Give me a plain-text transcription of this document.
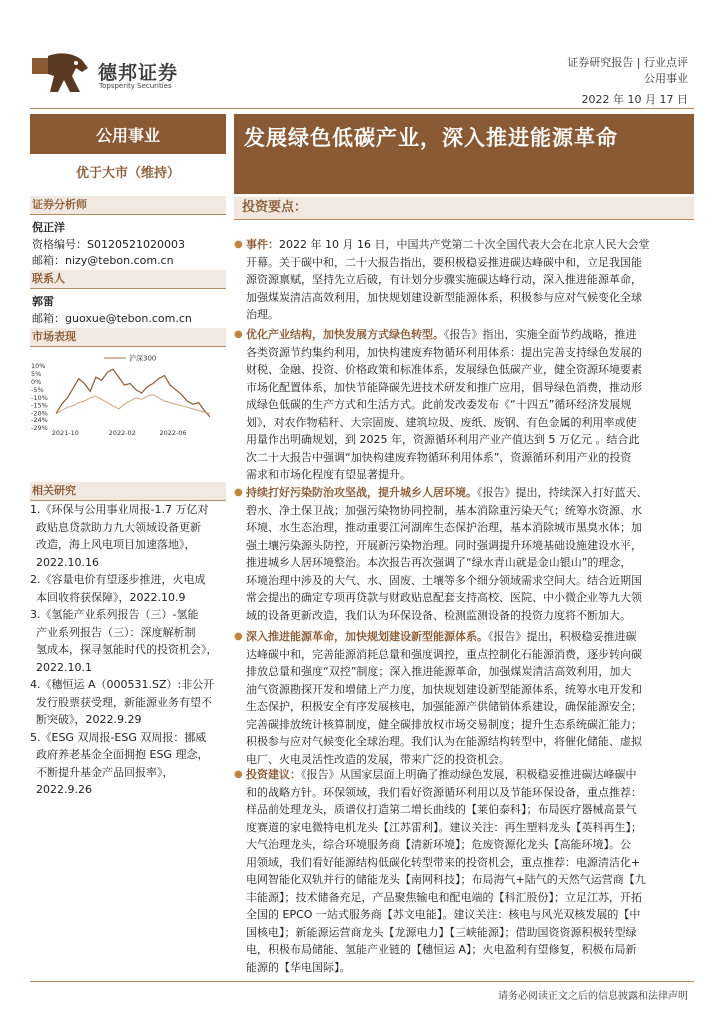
德邦证券
Topsperity Securities
证券研究报告 | 行业点评
公用事业
2022 年 10 月 17 日
公用事业
优于大市（维持）
证券分析师
倪正洋
资格编号：S0120521020003
邮箱：nizy@tebon.com.cn
联系人
郭雷
邮箱：guoxue@tebon.com.cn
市场表现
10%
5%
0%
-5%
-10%
-15%
-20%
-24%
-29%
2021-10	2022-02	2022-06
沪深300
相关研究
1.《环保与公用事业周报-1.7 万亿对
政贴息贷款助力九大领域设备更新
改造，海上风电项目加速落地》，
2022.10.16
2.《容量电价有望逐步推进，火电成
本回收将获保障》，2022.10.9
3.《氢能产业系列报告（三）-氢能
产业系列报告（三）：深度解析制
氢成本，探寻氢能时代的投资机会》，
2022.10.1
4.《穗恒运 A（000531.SZ）:非公开
发行股票获受理，新能源业务有望不
断突破》，2022.9.29
5.《ESG 双周报-ESG 双周报：挪威
政府养老基金全面拥抱 ESG 理念，
不断提升基金产品回报率》，
2022.9.26
发展绿色低碳产业，深入推进能源革命
投资要点：
● 事件：2022 年 10 月 16 日，中国共产党第二十次全国代表大会在北京人民大会堂
开幕。关于碳中和，二十大报告指出，要积极稳妥推进碳达峰碳中和，立足我国能
源资源禀赋，坚持先立后破，有计划分步骤实施碳达峰行动，深入推进能源革命，
加强煤炭清洁高效利用，加快规划建设新型能源体系，积极参与应对气候变化全球
治理。
● 优化产业结构，加快发展方式绿色转型。《报告》指出，实施全面节约战略，推进
各类资源节约集约利用，加快构建废弃物循环利用体系：提出完善支持绿色发展的
财税、金融、投资、价格政策和标准体系，发展绿色低碳产业，健全资源环境要素
市场化配置体系，加快节能降碳先进技术研发和推广应用，倡导绿色消费，推动形
成绿色低碳的生产方式和生活方式。此前发改委发布《“十四五”循环经济发展规
划》，对农作物秸秆、大宗固废、建筑垃圾、废纸、废钢、有色金属的利用率或使
用量作出明确规划，到 2025 年，资源循环利用产业产值达到 5 万亿元 。结合此
次二十大报告中强调“加快构建废弃物循环利用体系”，资源循环利用产业的投资
需求和市场化程度有望显著提升。
● 持续打好污染防治攻坚战，提升城乡人居环境。《报告》提出，持续深入打好蓝天、
碧水、净土保卫战；加强污染物协同控制，基本消除重污染天气；统筹水资源、水
环境、水生态治理，推动重要江河湖库生态保护治理，基本消除城市黑臭水体；加
强土壤污染源头防控，开展新污染物治理。同时强调提升环境基础设施建设水平，
推进城乡人居环境整治。本次报告再次强调了“绿水青山就是金山银山”的理念，
环境治理中涉及的大气、水、固废、土壤等多个细分领域需求空间大。结合近期国
常会提出的确定专项再贷款与财政贴息配套支持高校、医院、中小微企业等九大领
域的设备更新改造，我们认为环保设备、检测监测设备的投资力度将不断加大。
● 深入推进能源革命，加快规划建设新型能源体系。《报告》提出，积极稳妥推进碳
达峰碳中和，完善能源消耗总量和强度调控，重点控制化石能源消费，逐步转向碳
排放总量和强度“双控”制度；深入推进能源革命，加强煤炭清洁高效利用，加大
油气资源勘探开发和增储上产力度，加快规划建设新型能源体系，统筹水电开发和
生态保护，积极安全有序发展核电，加强能源产供储销体系建设，确保能源安全；
完善碳排放统计核算制度，健全碳排放权市场交易制度；提升生态系统碳汇能力；
积极参与应对气候变化全球治理。我们认为在能源结构转型中，将催化储能、虚拟
电厂、火电灵活性改造的发展，带来广泛的投资机会。
● 投资建议：《报告》从国家层面上明确了推动绿色发展，积极稳妥推进碳达峰碳中
和的战略方针。环保领域，我们看好资源循环利用以及节能环保设备，重点推荐：
样品前处理龙头，质谱仪打造第二增长曲线的【莱伯泰科】；布局医疗器械高景气
度赛道的家电微特电机龙头【江苏雷利】。建议关注：再生塑料龙头【英科再生】；
大气治理龙头，综合环境服务商【清新环境】；危废资源化龙头【高能环境】。公
用领域，我们看好能源结构低碳化转型带来的投资机会，重点推荐：电源清洁化+
电网智能化双轨并行的储能龙头【南网科技】；布局海气+陆气的天然气运营商【九
丰能源】；技术储备充足，产品聚焦输电和配电端的【科汇股份】；立足江苏，开拓
全国的 EPCO 一站式服务商【苏文电能】。建议关注：核电与风光双核发展的【中
国核电】；新能源运营商龙头【龙源电力】【三峡能源】；借助国资资源积极转型绿
电，积极布局储能、氢能产业链的【穗恒运 A】；火电盈利有望修复，积极布局新
能源的【华电国际】。
请务必阅读正文之后的信息披露和法律声明
